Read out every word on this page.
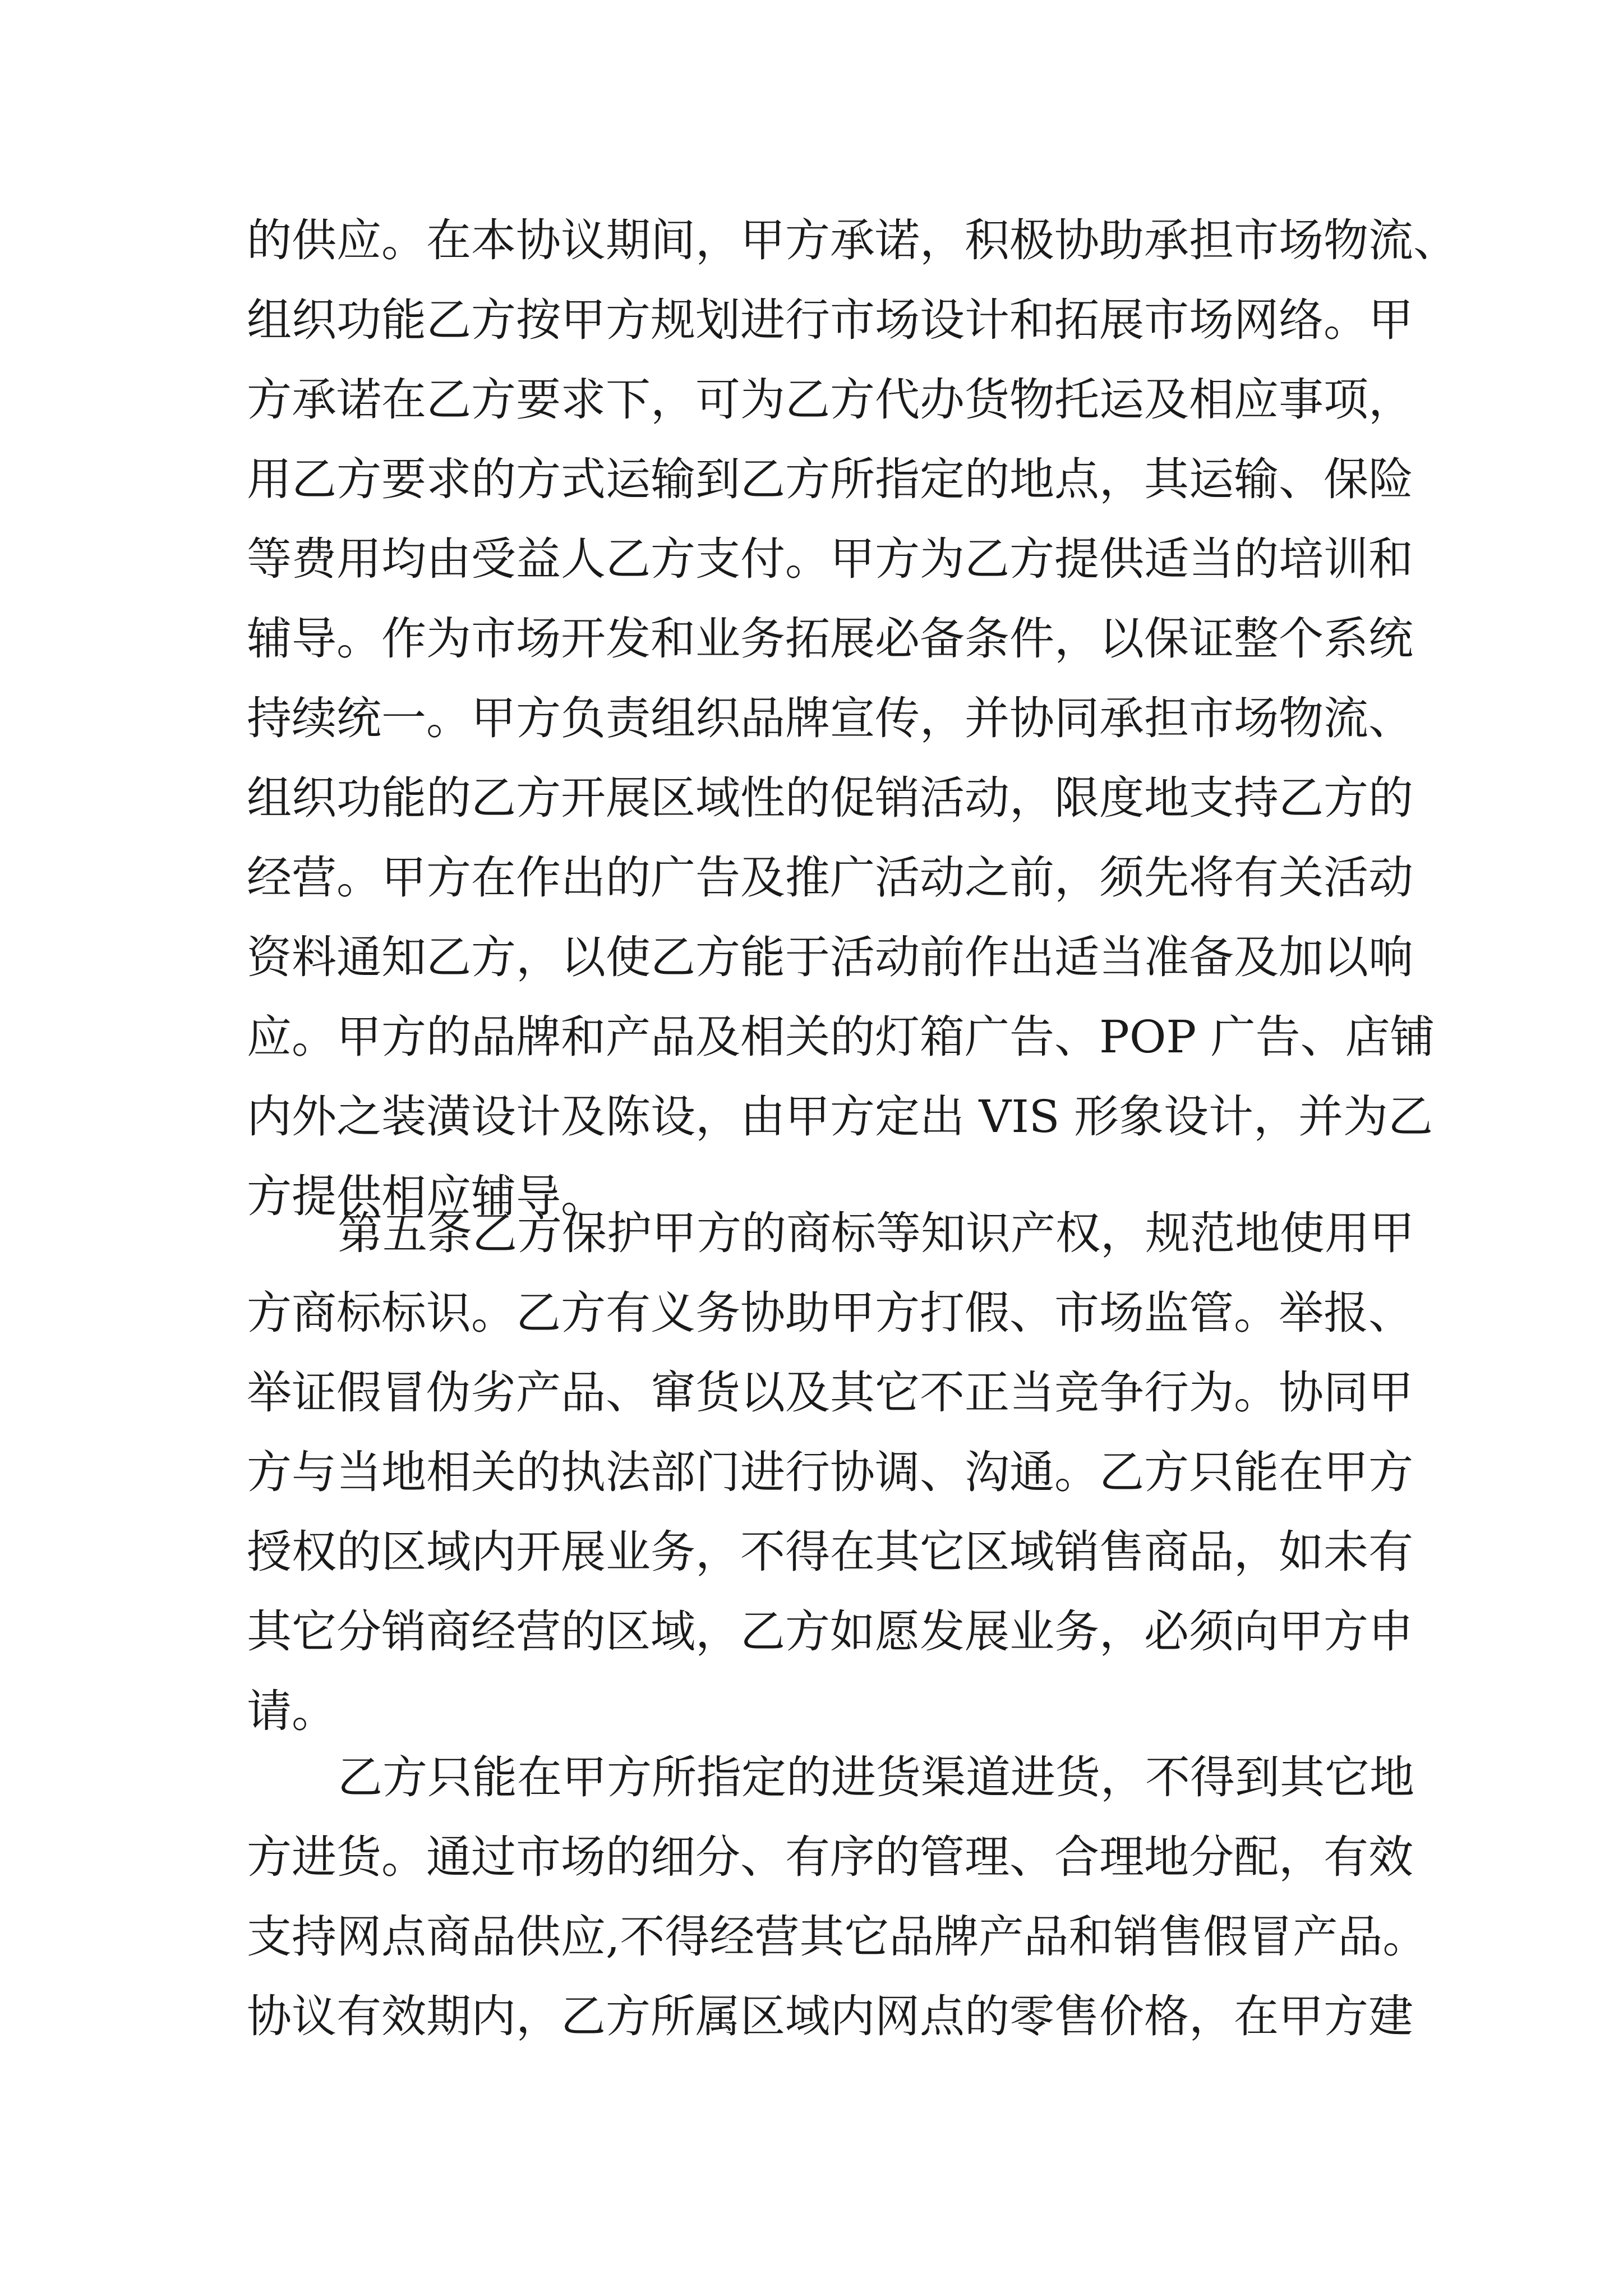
的供应。在本协议期间，甲方承诺，积极协助承担市场物流、
组织功能乙方按甲方规划进行市场设计和拓展市场网络。甲
方承诺在乙方要求下，可为乙方代办货物托运及相应事项，
用乙方要求的方式运输到乙方所指定的地点，其运输、保险
等费用均由受益人乙方支付。甲方为乙方提供适当的培训和
辅导。作为市场开发和业务拓展必备条件，以保证整个系统
持续统一。甲方负责组织品牌宣传，并协同承担市场物流、
组织功能的乙方开展区域性的促销活动，限度地支持乙方的
经营。甲方在作出的广告及推广活动之前，须先将有关活动
资料通知乙方，以使乙方能于活动前作出适当准备及加以响
应。甲方的品牌和产品及相关的灯箱广告、POP 广告、店铺
内外之装潢设计及陈设，由甲方定出 VIS 形象设计，并为乙
方提供相应辅导。
第五条乙方保护甲方的商标等知识产权，规范地使用甲
方商标标识。乙方有义务协助甲方打假、市场监管。举报、
举证假冒伪劣产品、窜货以及其它不正当竞争行为。协同甲
方与当地相关的执法部门进行协调、沟通。乙方只能在甲方
授权的区域内开展业务，不得在其它区域销售商品，如未有
其它分销商经营的区域，乙方如愿发展业务，必须向甲方申
请。
乙方只能在甲方所指定的进货渠道进货，不得到其它地
方进货。通过市场的细分、有序的管理、合理地分配，有效
支持网点商品供应,不得经营其它品牌产品和销售假冒产品。
协议有效期内，乙方所属区域内网点的零售价格，在甲方建
